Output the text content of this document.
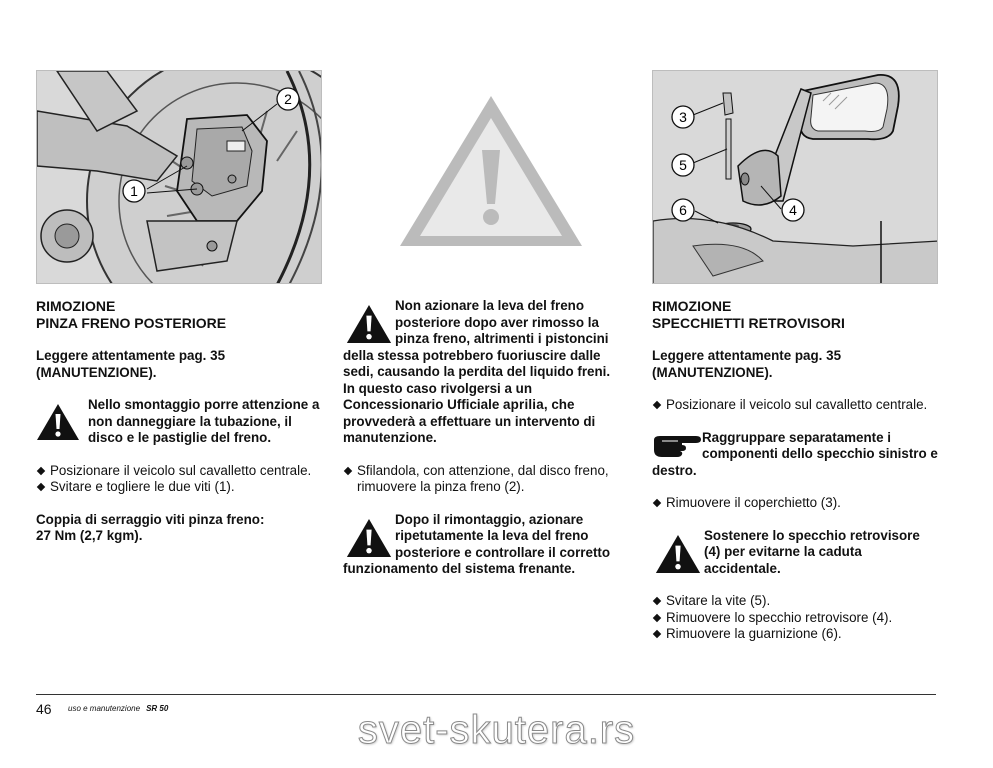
1
2
3
5
6	4

RIMOZIONE
PINZA FRENO POSTERIORE

Leggere attentamente pag. 35 (MANUTENZIONE).

Nello smontaggio porre attenzione a non danneggiare la tubazione, il disco e le pastiglie del freno.
Posizionare il veicolo sul cavalletto centrale.
Svitare e togliere le due viti (1).

Coppia di serraggio viti pinza freno:
27 Nm (2,7 kgm).

Non azionare la leva del freno posteriore dopo aver rimosso la pinza freno, altrimenti i pistoncini della stessa potrebbero fuoriuscire dalle sedi, causando la perdita del liquido freni.

In questo caso rivolgersi a un Concessionario Ufficiale aprilia, che provvederà a effettuare un intervento di manutenzione.

Sfilandola, con attenzione, dal disco freno, rimuovere la pinza freno (2).
Dopo il rimontaggio, azionare ripetutamente la leva del freno posteriore e controllare il corretto funzionamento del sistema frenante.

RIMOZIONE
SPECCHIETTI RETROVISORI

Leggere attentamente pag. 35 (MANUTENZIONE).

Posizionare il veicolo sul cavalletto centrale.
Raggruppare separatamente i componenti dello specchio sinistro e destro.
Rimuovere il coperchietto (3).
Sostenere lo specchio retrovisore (4) per evitarne la caduta accidentale.
Svitare la vite (5).
Rimuovere lo specchio retrovisore (4).
Rimuovere la guarnizione (6).
46 uso e manutenzione SR 50	svet-skutera.rs
